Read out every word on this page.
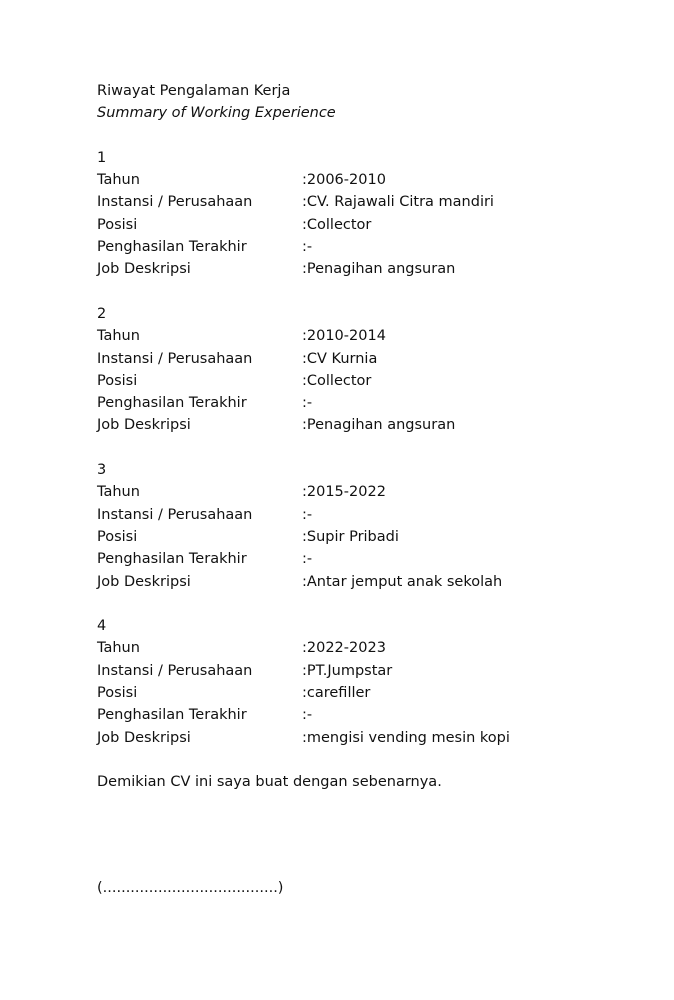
Riwayat Pengalaman Kerja
Summary of Working Experience
1
Tahun	:2006-2010
Instansi / Perusahaan	:CV. Rajawali Citra mandiri
Posisi	:Collector
Penghasilan Terakhir	:-
Job Deskripsi	:Penagihan angsuran
2
Tahun	:2010-2014
Instansi / Perusahaan	:CV Kurnia
Posisi	:Collector
Penghasilan Terakhir	:-
Job Deskripsi	:Penagihan angsuran
3
Tahun	:2015-2022
Instansi / Perusahaan	:-
Posisi	:Supir Pribadi
Penghasilan Terakhir	:-
Job Deskripsi	:Antar jemput anak sekolah
4
Tahun	:2022-2023
Instansi / Perusahaan	:PT.Jumpstar
Posisi	:carefiller
Penghasilan Terakhir	:-
Job Deskripsi	:mengisi vending mesin kopi
Demikian CV ini saya buat dengan sebenarnya.
(......................................)
